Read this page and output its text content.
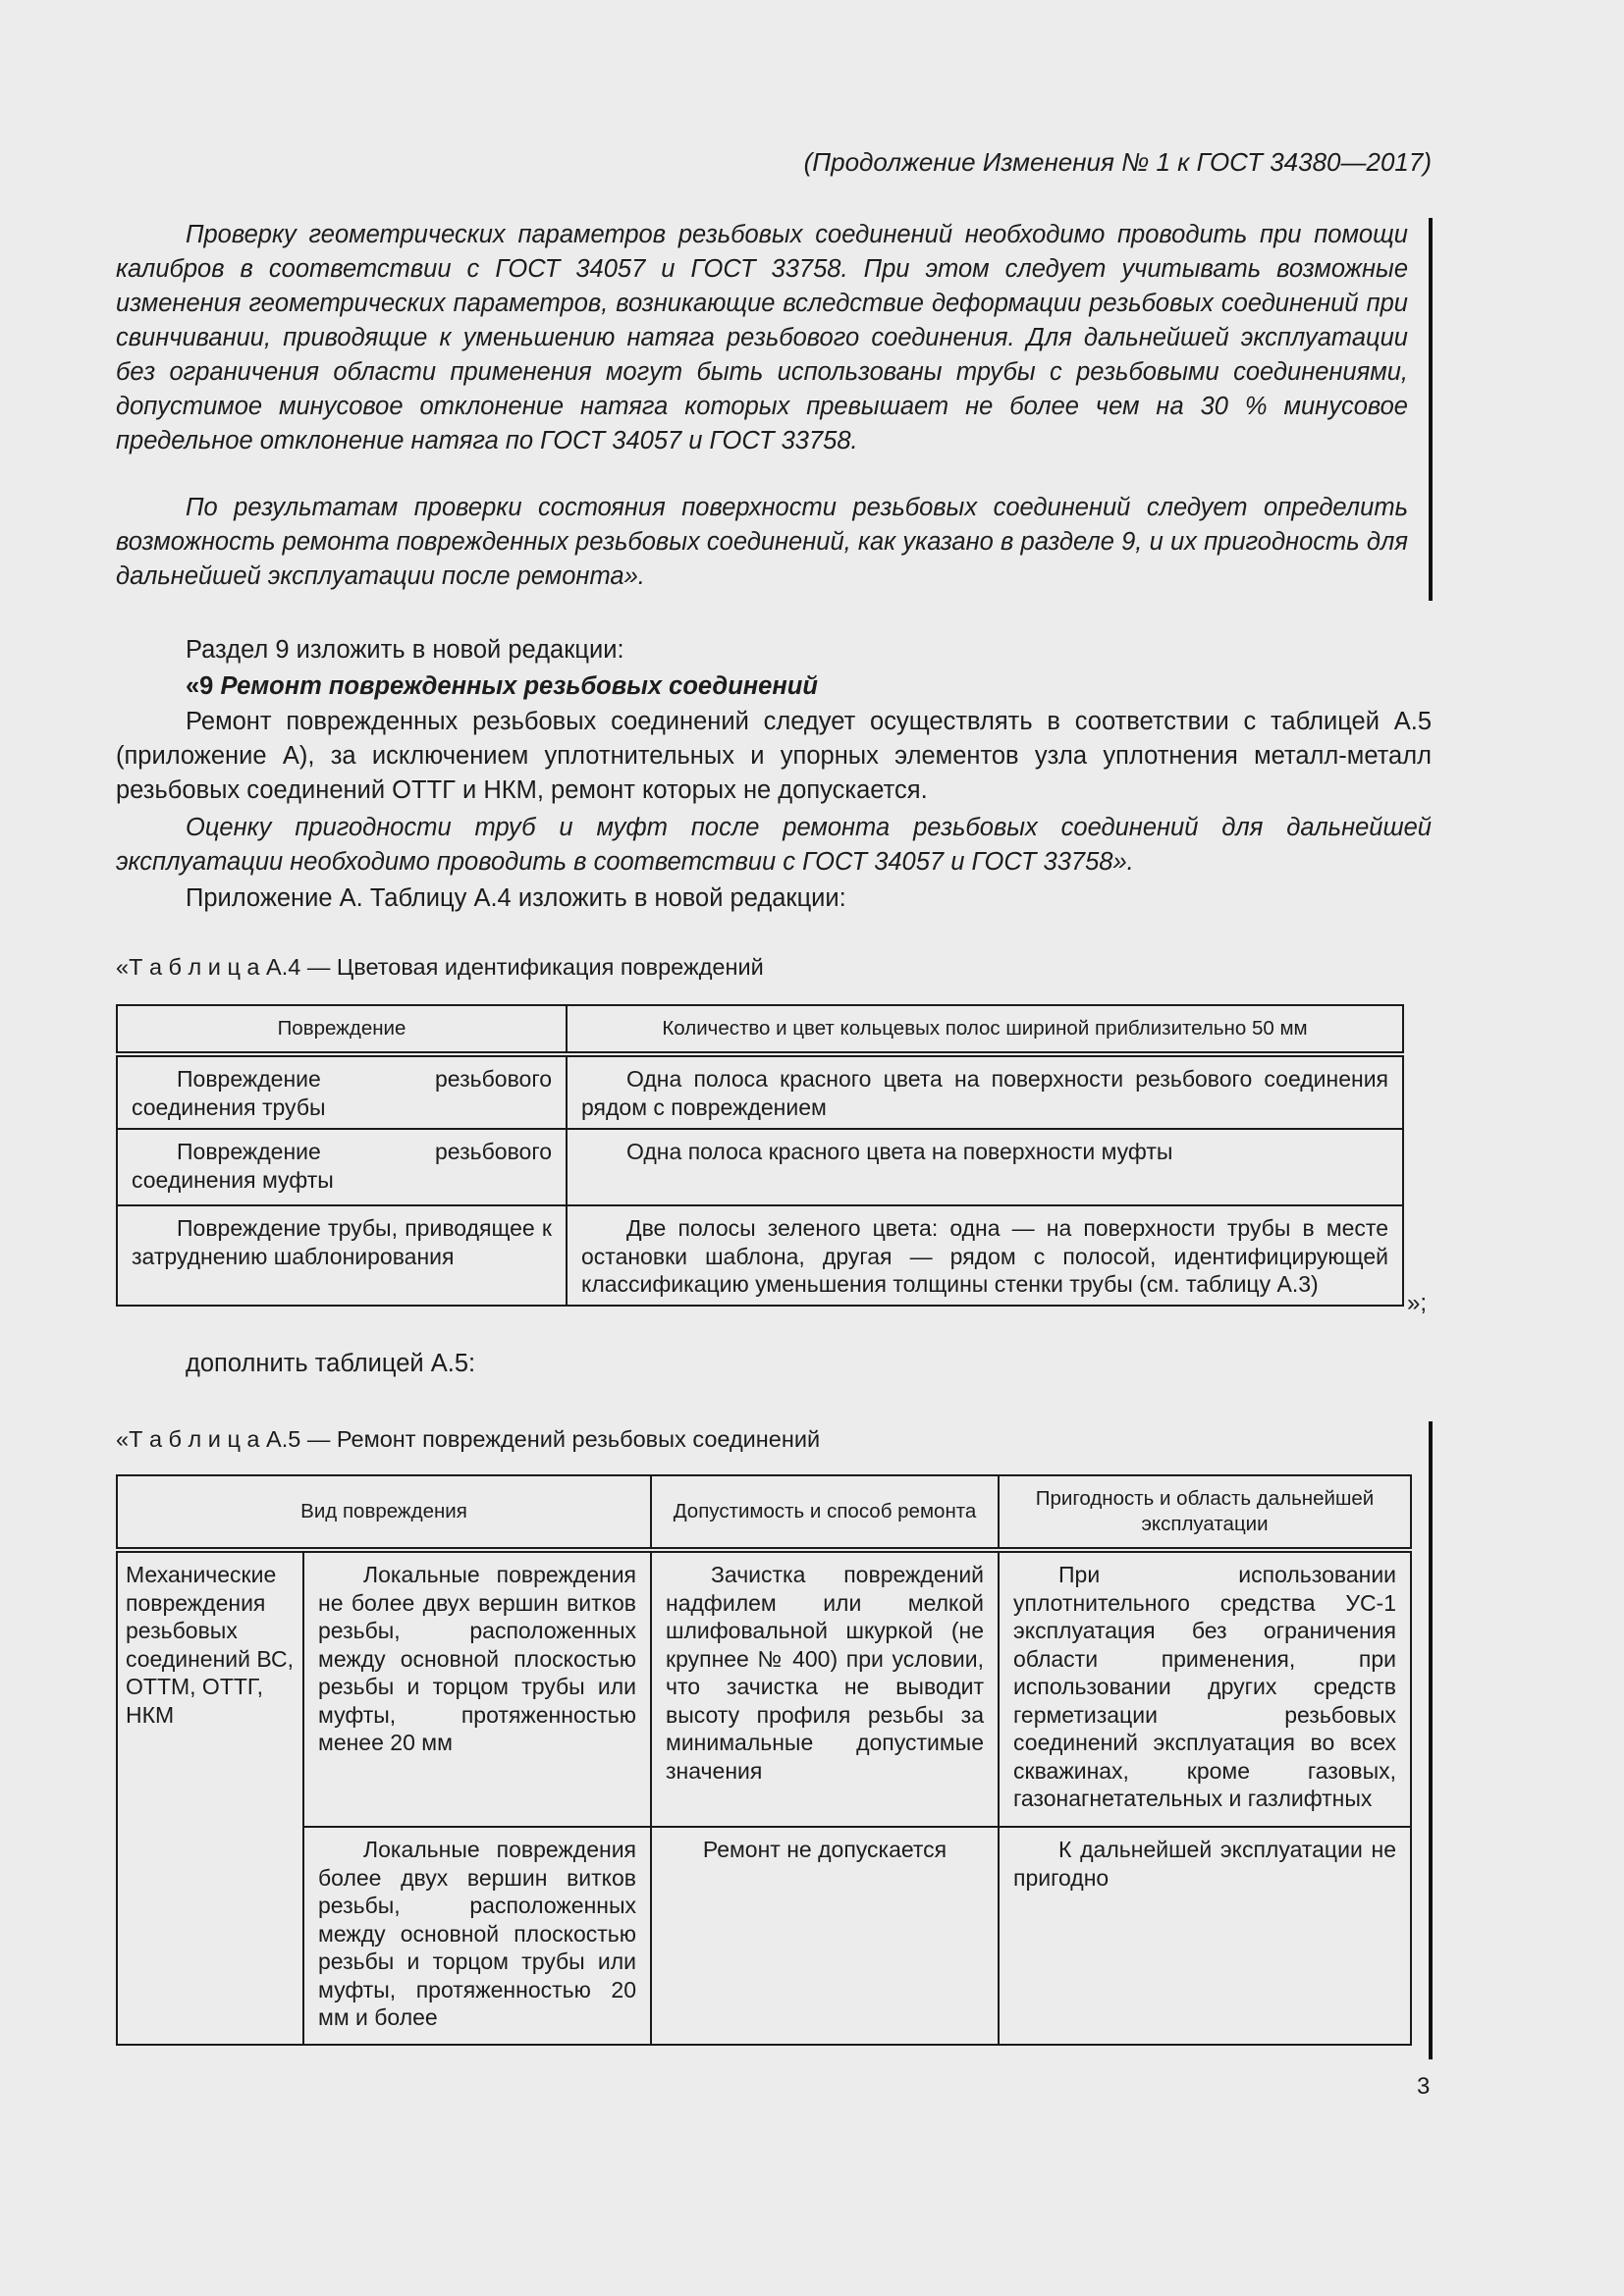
(Продолжение Изменения № 1 к ГОСТ 34380—2017)

Проверку геометрических параметров резьбовых соединений необходимо проводить при помощи калибров в соответствии с ГОСТ 34057 и ГОСТ 33758. При этом следует учитывать возможные изменения геометрических параметров, возникающие вследствие деформации резьбовых соединений при свинчивании, приводящие к уменьшению натяга резьбового соединения. Для дальнейшей эксплуатации без ограничения области применения могут быть использованы трубы с резьбовыми соединениями, допустимое минусовое отклонение натяга которых превышает не более чем на 30 % минусовое предельное отклонение натяга по ГОСТ 34057 и ГОСТ 33758.

По результатам проверки состояния поверхности резьбовых соединений следует определить возможность ремонта поврежденных резьбовых соединений, как указано в разделе 9, и их пригодность для дальнейшей эксплуатации после ремонта».

Раздел 9 изложить в новой редакции:

«9 Ремонт поврежденных резьбовых соединений

Ремонт поврежденных резьбовых соединений следует осуществлять в соответствии с таблицей А.5 (приложение А), за исключением уплотнительных и упорных элементов узла уплотнения металл-металл резьбовых соединений ОТТГ и НКМ, ремонт которых не допускается.

Оценку пригодности труб и муфт после ремонта резьбовых соединений для дальнейшей эксплуатации необходимо проводить в соответствии с ГОСТ 34057 и ГОСТ 33758».

Приложение А. Таблицу А.4 изложить в новой редакции:

«Т а б л и ц а А.4 — Цветовая идентификация повреждений
Повреждение	Количество и цвет кольцевых полос шириной приблизительно 50 мм
Повреждение резьбового соединения трубы	Одна полоса красного цвета на поверхности резьбового соединения рядом с повреждением
Повреждение резьбового соединения муфты	Одна полоса красного цвета на поверхности муфты
Повреждение трубы, приводящее к затруднению шаблонирования	Две полосы зеленого цвета: одна — на поверхности трубы в месте остановки шаблона, другая — рядом с полосой, идентифицирующей классификацию уменьшения толщины стенки трубы (см. таблицу А.3)
»;

дополнить таблицей А.5:

«Т а б л и ц а А.5 — Ремонт повреждений резьбовых соединений
Вид повреждения		Допустимость и способ ремонта	Пригодность и область дальнейшей эксплуатации
Механические повреждения резьбовых соединений ВС, ОТТМ, ОТТГ, НКМ	Локальные повреждения не более двух вершин витков резьбы, расположенных между основной плоскостью резьбы и торцом трубы или муфты, протяженностью менее 20 мм	Зачистка повреждений надфилем или мелкой шлифовальной шкуркой (не крупнее № 400) при условии, что зачистка не выводит высоту профиля резьбы за минимальные допустимые значения	При использовании уплотнительного средства УС-1 эксплуатация без ограничения области применения, при использовании других средств герметизации резьбовых соединений эксплуатация во всех скважинах, кроме газовых, газонагнетательных и газлифтных
	Локальные повреждения более двух вершин витков резьбы, расположенных между основной плоскостью резьбы и торцом трубы или муфты, протяженностью 20 мм и более	Ремонт не допускается	К дальнейшей эксплуатации не пригодно
3
